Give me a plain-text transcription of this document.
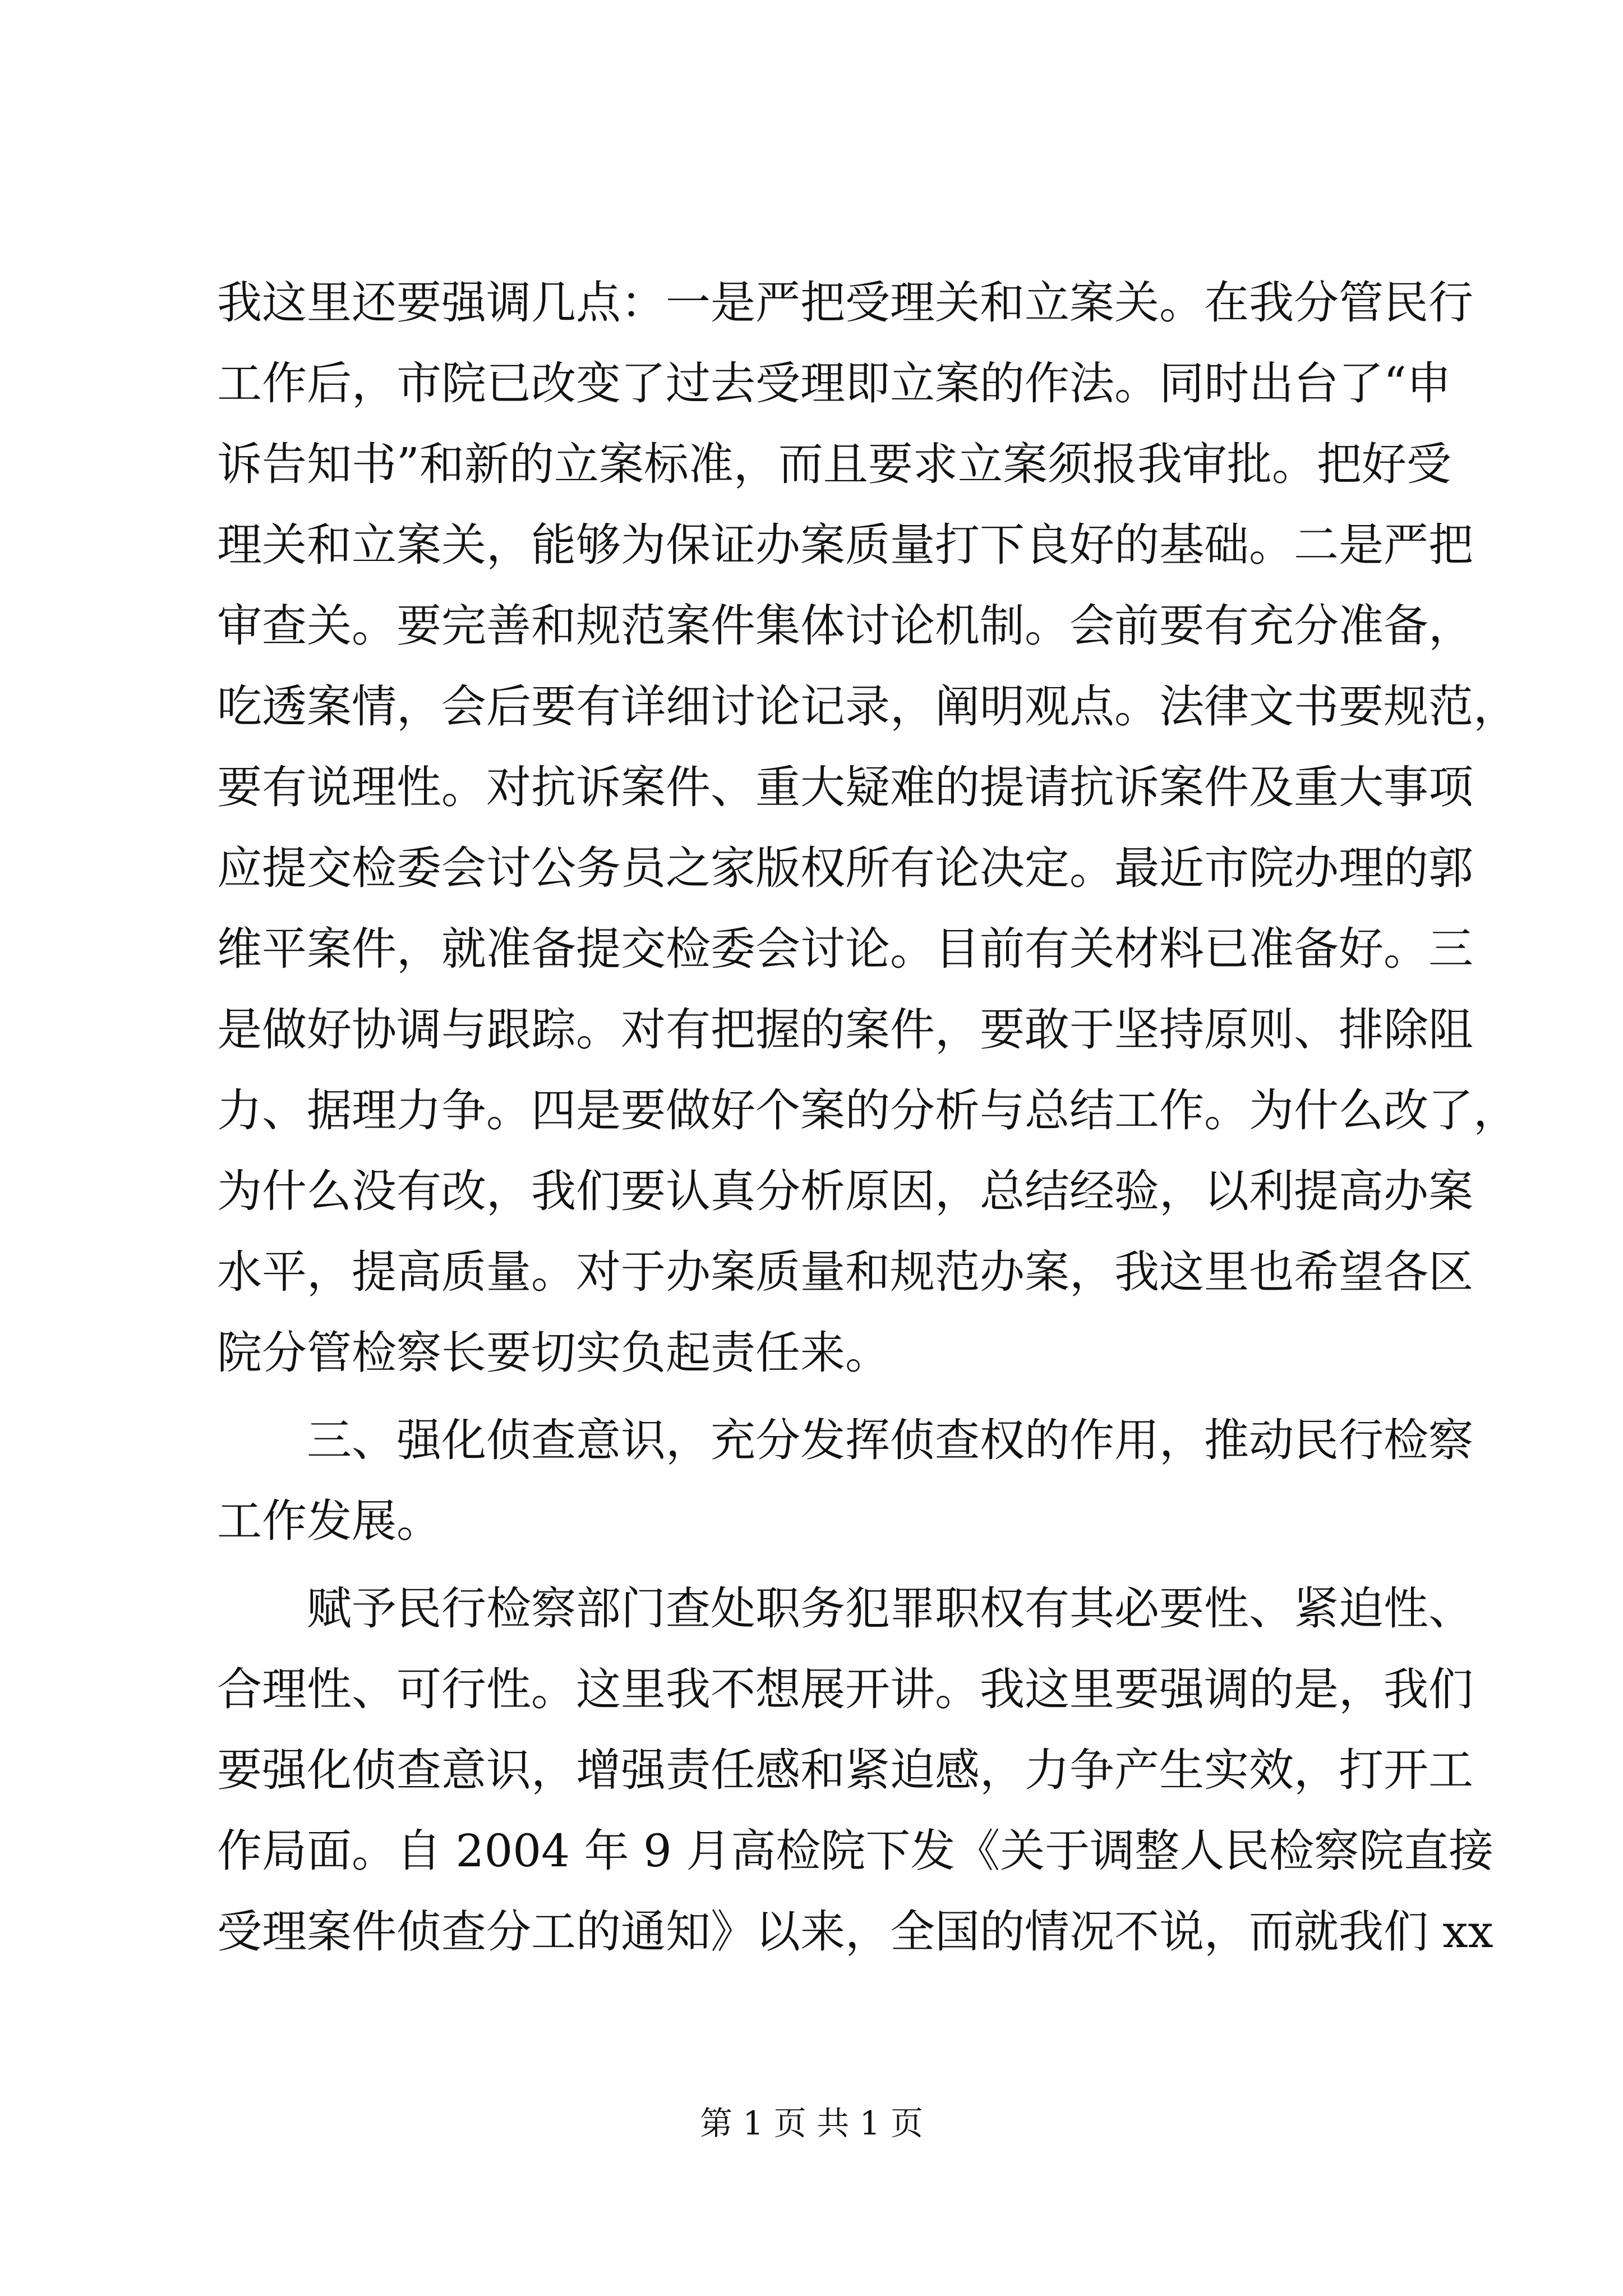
我这里还要强调几点：一是严把受理关和立案关。在我分管民行
工作后，市院已改变了过去受理即立案的作法。同时出台了“申
诉告知书”和新的立案标准，而且要求立案须报我审批。把好受
理关和立案关，能够为保证办案质量打下良好的基础。二是严把
审查关。要完善和规范案件集体讨论机制。会前要有充分准备，
吃透案情，会后要有详细讨论记录，阐明观点。法律文书要规范，
要有说理性。对抗诉案件、重大疑难的提请抗诉案件及重大事项
应提交检委会讨公务员之家版权所有论决定。最近市院办理的郭
维平案件，就准备提交检委会讨论。目前有关材料已准备好。三
是做好协调与跟踪。对有把握的案件，要敢于坚持原则、排除阻
力、据理力争。四是要做好个案的分析与总结工作。为什么改了，
为什么没有改，我们要认真分析原因，总结经验，以利提高办案
水平，提高质量。对于办案质量和规范办案，我这里也希望各区
院分管检察长要切实负起责任来。
三、强化侦查意识，充分发挥侦查权的作用，推动民行检察
工作发展。
赋予民行检察部门查处职务犯罪职权有其必要性、紧迫性、
合理性、可行性。这里我不想展开讲。我这里要强调的是，我们
要强化侦查意识，增强责任感和紧迫感，力争产生实效，打开工
作局面。自 2004 年 9 月高检院下发《关于调整人民检察院直接
受理案件侦查分工的通知》以来，全国的情况不说，而就我们 xx
第 1 页 共 1 页
